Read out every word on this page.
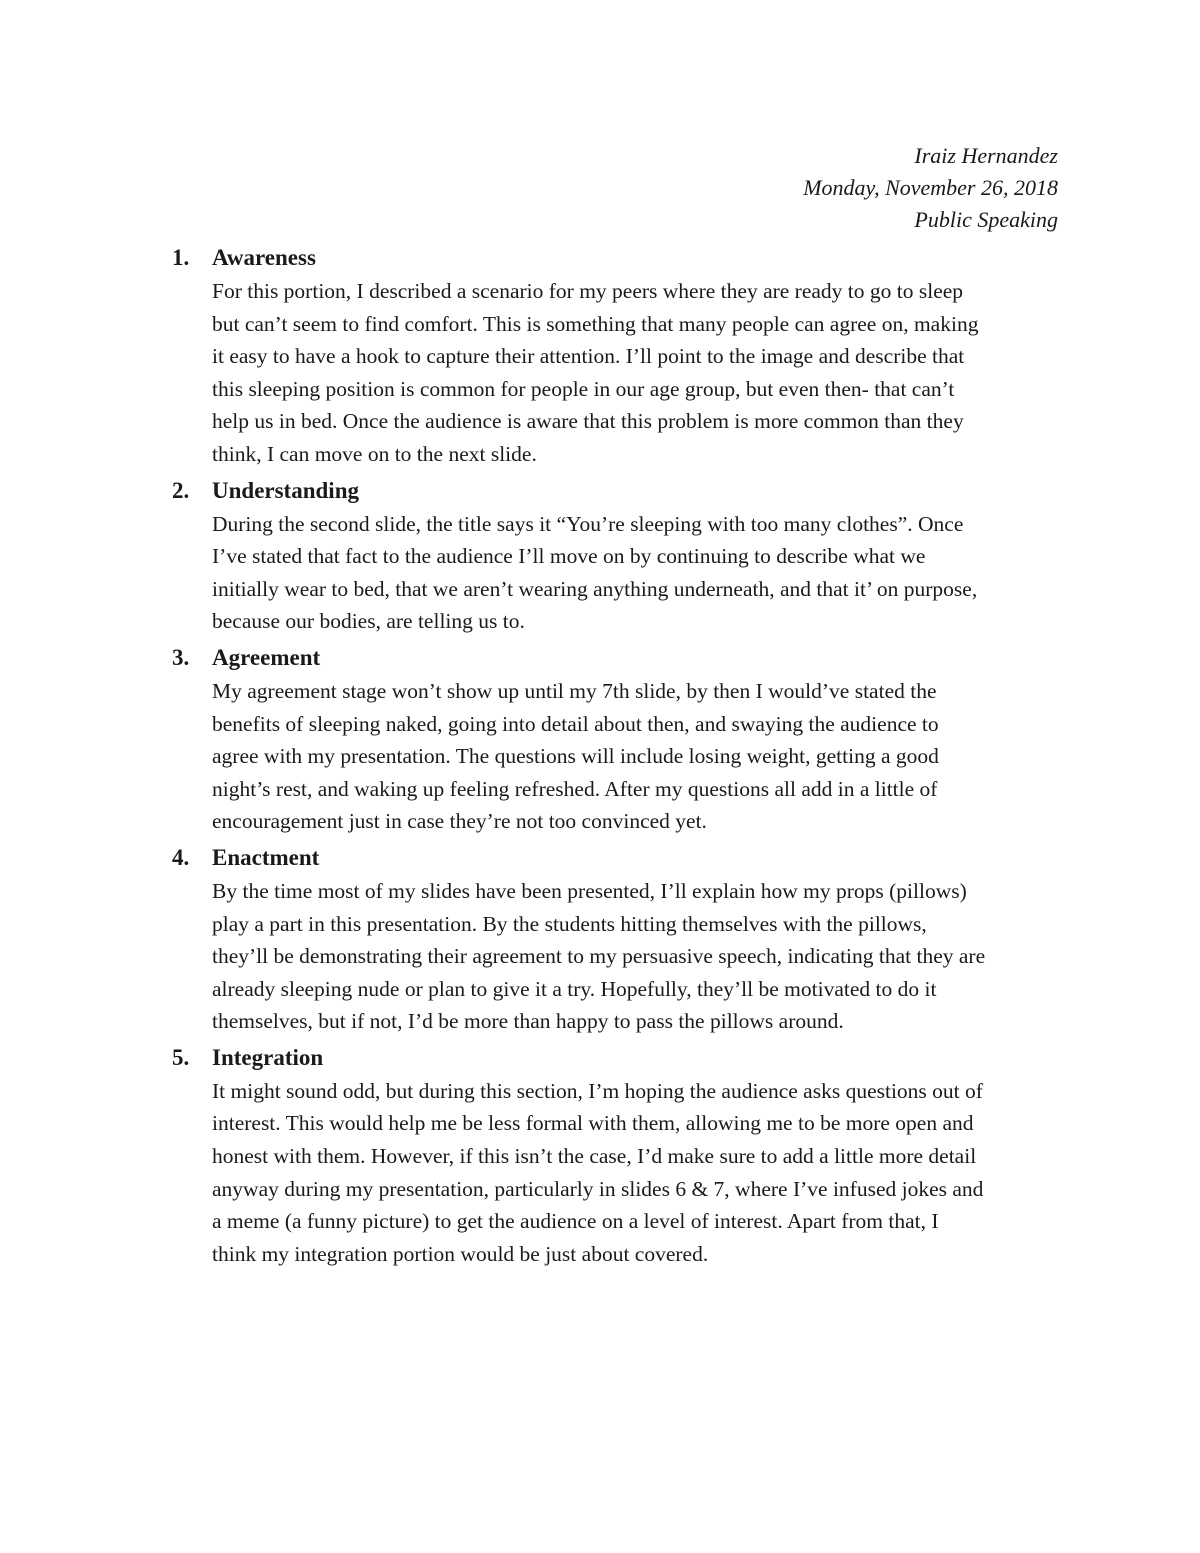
Iraiz Hernandez
Monday, November 26, 2018
Public Speaking
1. Awareness
For this portion, I described a scenario for my peers where they are ready to go to sleep
but can’t seem to find comfort. This is something that many people can agree on, making
it easy to have a hook to capture their attention. I’ll point to the image and describe that
this sleeping position is common for people in our age group, but even then- that can’t
help us in bed. Once the audience is aware that this problem is more common than they
think, I can move on to the next slide.
2. Understanding
During the second slide, the title says it “You’re sleeping with too many clothes”. Once
I’ve stated that fact to the audience I’ll move on by continuing to describe what we
initially wear to bed, that we aren’t wearing anything underneath, and that it’ on purpose,
because our bodies, are telling us to.
3. Agreement
My agreement stage won’t show up until my 7th slide, by then I would’ve stated the
benefits of sleeping naked, going into detail about then, and swaying the audience to
agree with my presentation. The questions will include losing weight, getting a good
night’s rest, and waking up feeling refreshed. After my questions all add in a little of
encouragement just in case they’re not too convinced yet.
4. Enactment
By the time most of my slides have been presented, I’ll explain how my props (pillows)
play a part in this presentation. By the students hitting themselves with the pillows,
they’ll be demonstrating their agreement to my persuasive speech, indicating that they are
already sleeping nude or plan to give it a try. Hopefully, they’ll be motivated to do it
themselves, but if not, I’d be more than happy to pass the pillows around.
5. Integration
It might sound odd, but during this section, I’m hoping the audience asks questions out of
interest. This would help me be less formal with them, allowing me to be more open and
honest with them. However, if this isn’t the case, I’d make sure to add a little more detail
anyway during my presentation, particularly in slides 6 & 7, where I’ve infused jokes and
a meme (a funny picture) to get the audience on a level of interest. Apart from that, I
think my integration portion would be just about covered.
